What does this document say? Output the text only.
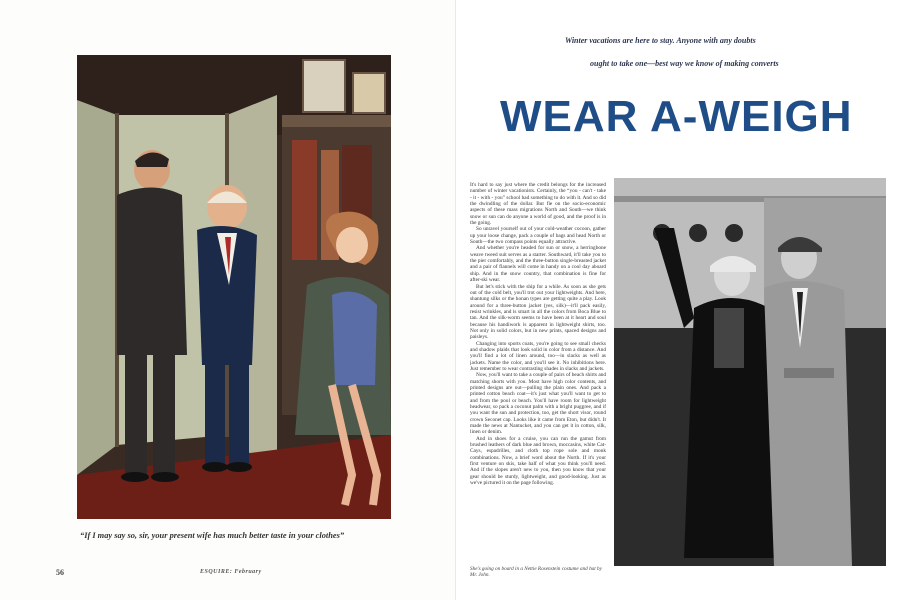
“If I may say so, sir, your present wife has much better taste in your clothes”
56	ESQUIRE: February
Winter vacations are here to stay. Anyone with any doubts
ought to take one—best way we know of making converts
WEAR A-WEIGH

It's hard to say just where the credit belongs for the increased number of winter vacationists. Certainly, the “you - can't - take - it - with - you” school had something to do with it. And so did the dwindling of the dollar. But fie on the socio-economic aspects of these mass migrations North and South—we think snow or sun can do anyone a world of good, and the proof is in the going.

So unravel yourself out of your cold-weather cocoon, gather up your loose change, pack a couple of bags and head North or South—the two compass points equally attractive.

And whether you're headed for sun or snow, a herringbone weave tweed suit serves as a starter. Southward, it'll take you to the pier comfortably, and the three-button single-breasted jacket and a pair of flannels will come in handy on a cool day aboard ship. And in the snow country, that combination is fine for after-ski wear.

But let's stick with the ship for a while. As soon as she gets out of the cold belt, you'll trot out your lightweights. And here, shantung silks or the honan types are getting quite a play. Look around for a three-button jacket (yes, silk)—it'll pack easily, resist wrinkles, and is smart in all the colors from Boca Blue to tan. And the silk-worm seems to have been at it heart and soul because his handiwork is apparent in lightweight shirts, too. Not only in solid colors, but in new prints, spaced designs and paisleys.

Changing into sports coats, you're going to see small checks and shadow plaids that look solid in color from a distance. And you'll find a lot of linen around, too—in slacks as well as jackets. Name the color, and you'll see it. No inhibitions here. Just remember to wear contrasting shades in slacks and jackets.

Now, you'll want to take a couple of pairs of beach shirts and matching shorts with you. Most have high color contents, and printed designs are out—pulling the plain ones. And pack a printed cotton beach coat—it's just what you'll want to get to and from the pool or beach. You'll have room for lightweight headwear, so pack a coconut palm with a bright puggree, and if you want the sun and protection, too, get the short visor, round crown Seconet cap. Looks like it came from Eton, but didn't. It made the news at Nantucket, and you can get it in cotton, silk, linen or denim.

And in shoes for a cruise, you can run the gamut from brushed leathers of dark blue and brown, moccasins, white Cat-Cays, espadrilles, and cloth top rope sole and monk combinations. Now, a brief word about the North. If it's your first venture on skis, take half of what you think you'll need. And if the slopes aren't new to you, then you know that your gear should be sturdy, lightweight, and good-looking. Just as we've pictured it on the page following.

She's going on board in a Nettie Rosenstein costume and hat by Mr. John.
